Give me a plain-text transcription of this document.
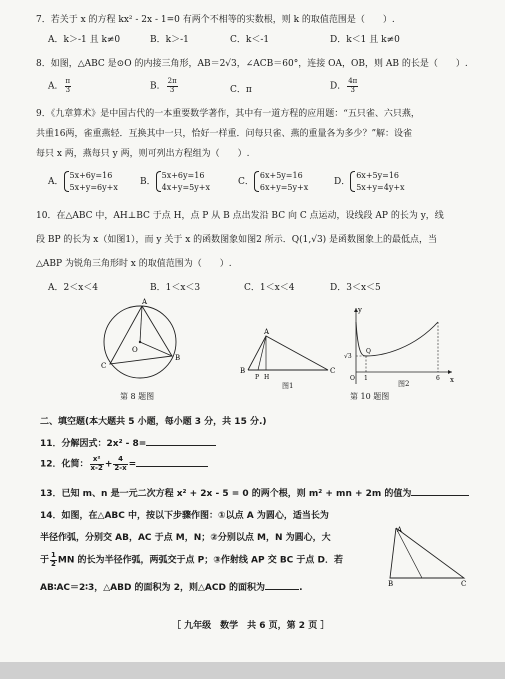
7．若关于 x 的方程 kx² - 2x - 1=0 有两个不相等的实数根，则 k 的取值范围是（　　）.
A．k＞-1 且 k≠0	B．k＞-1	C．k＜-1	D．k＜1 且 k≠0
8．如图，△ABC 是⊙O 的内接三角形，AB＝2√3，∠ACB＝60°，连接 OA，OB，则 AB 的长是（　　）.
A． $\frac{\pi}{3}$	B． $\frac{2\pi}{3}$	C．π	D． $\frac{4\pi}{3}$
9．《九章算术》是中国古代的一本重要数学著作，其中有一道方程的应用题：“五只雀、六只燕，
共重16两，雀重燕轻．互换其中一只，恰好一样重．问每只雀、燕的重量各为多少？”解：设雀
每只 x 两，燕每只 y 两，则可列出方程组为（　　）.
A．
5x+6y=16
5x+y=6y+x B．
5x+6y=16
4x+y=5y+x	C．
6x+5y=16
6x+y=5y+x	D．
6x+5y=16
5x+y=4y+x
10．在△ABC 中，AH⊥BC 于点 H，点 P 从 B 点出发沿 BC 向 C 点运动，设线段 AP 的长为 y，线
段 BP 的长为 x（如图1），而 y 关于 x 的函数图象如图2 所示．Q(1,√3) 是函数图象上的最低点，当
△ABP 为锐角三角形时 x 的取值范围为（　　）.
A．2＜x＜4	B．1＜x＜3	C．1＜x＜4	D．3＜x＜5
A
C
B
O
第 8 题图
A
B	C
P H
图1
y
x
O 1	6
√3
Q
图2
第 10 题图
二、填空题(本大题共 5 小题，每小题 3 分，共 15 分.)
11．分解因式：2x² - 8=
12．化简： $\frac{\text{x²}}{x-2} + \frac{4}{2-x}$ =
13．已知 m、n 是一元二次方程 x² + 2x - 5 = 0 的两个根，则 m² + mn + 2m 的值为
14．如图，在△ABC 中，按以下步骤作图：①以点 A 为圆心，适当长为
半径作弧，分别交 AB，AC 于点 M，N；②分别以点 M，N 为圆心，大
于 $\frac{1}{2}$ MN 的长为半径作弧，两弧交于点 P；③作射线 AP 交 BC 于点 D．若
AB∶AC＝2∶3，△ABD 的面积为 2，则△ACD 的面积为	.
A
B	C
［ 九年级　数学　共 6 页，第 2 页 ］
